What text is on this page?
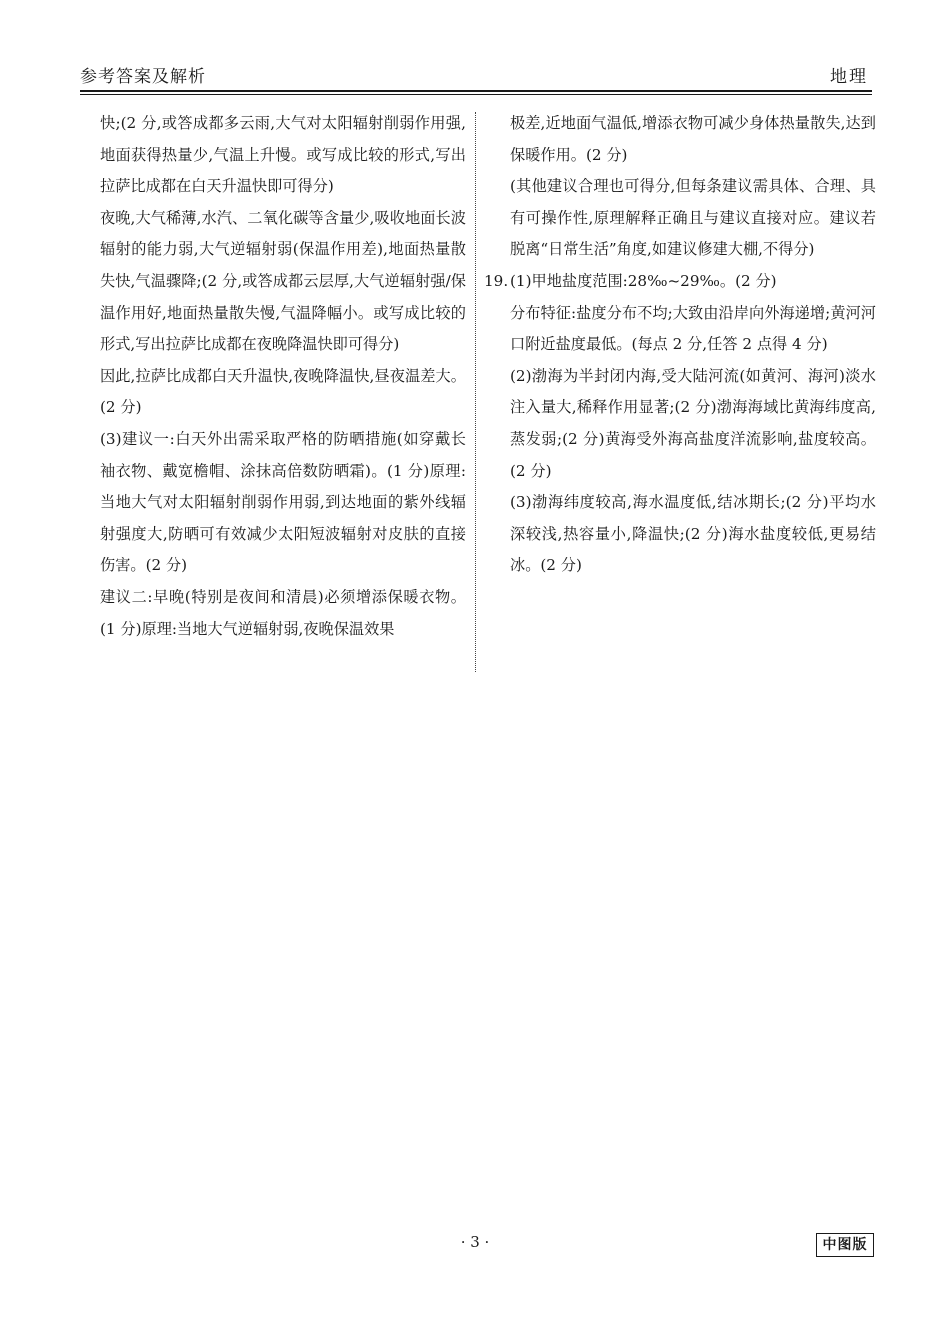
参考答案及解析	地理

快;(2 分,或答成都多云雨,大气对太阳辐射削弱作用强,地面获得热量少,气温上升慢。或写成比较的形式,写出拉萨比成都在白天升温快即可得分)

夜晚,大气稀薄,水汽、二氧化碳等含量少,吸收地面长波辐射的能力弱,大气逆辐射弱(保温作用差),地面热量散失快,气温骤降;(2 分,或答成都云层厚,大气逆辐射强/保温作用好,地面热量散失慢,气温降幅小。或写成比较的形式,写出拉萨比成都在夜晚降温快即可得分)

因此,拉萨比成都白天升温快,夜晚降温快,昼夜温差大。(2 分)

(3)建议一:白天外出需采取严格的防晒措施(如穿戴长袖衣物、戴宽檐帽、涂抹高倍数防晒霜)。(1 分)原理:当地大气对太阳辐射削弱作用弱,到达地面的紫外线辐射强度大,防晒可有效减少太阳短波辐射对皮肤的直接伤害。(2 分)

建议二:早晚(特别是夜间和清晨)必须增添保暖衣物。(1 分)原理:当地大气逆辐射弱,夜晚保温效果

极差,近地面气温低,增添衣物可减少身体热量散失,达到保暖作用。(2 分)

(其他建议合理也可得分,但每条建议需具体、合理、具有可操作性,原理解释正确且与建议直接对应。建议若脱离“日常生活”角度,如建议修建大棚,不得分)

19. (1)甲地盐度范围:28‰~29‰。(2 分)

分布特征:盐度分布不均;大致由沿岸向外海递增;黄河河口附近盐度最低。(每点 2 分,任答 2 点得 4 分)

(2)渤海为半封闭内海,受大陆河流(如黄河、海河)淡水注入量大,稀释作用显著;(2 分)渤海海域比黄海纬度高,蒸发弱;(2 分)黄海受外海高盐度洋流影响,盐度较高。(2 分)

(3)渤海纬度较高,海水温度低,结冰期长;(2 分)平均水深较浅,热容量小,降温快;(2 分)海水盐度较低,更易结冰。(2 分)

· 3 ·	中图版
